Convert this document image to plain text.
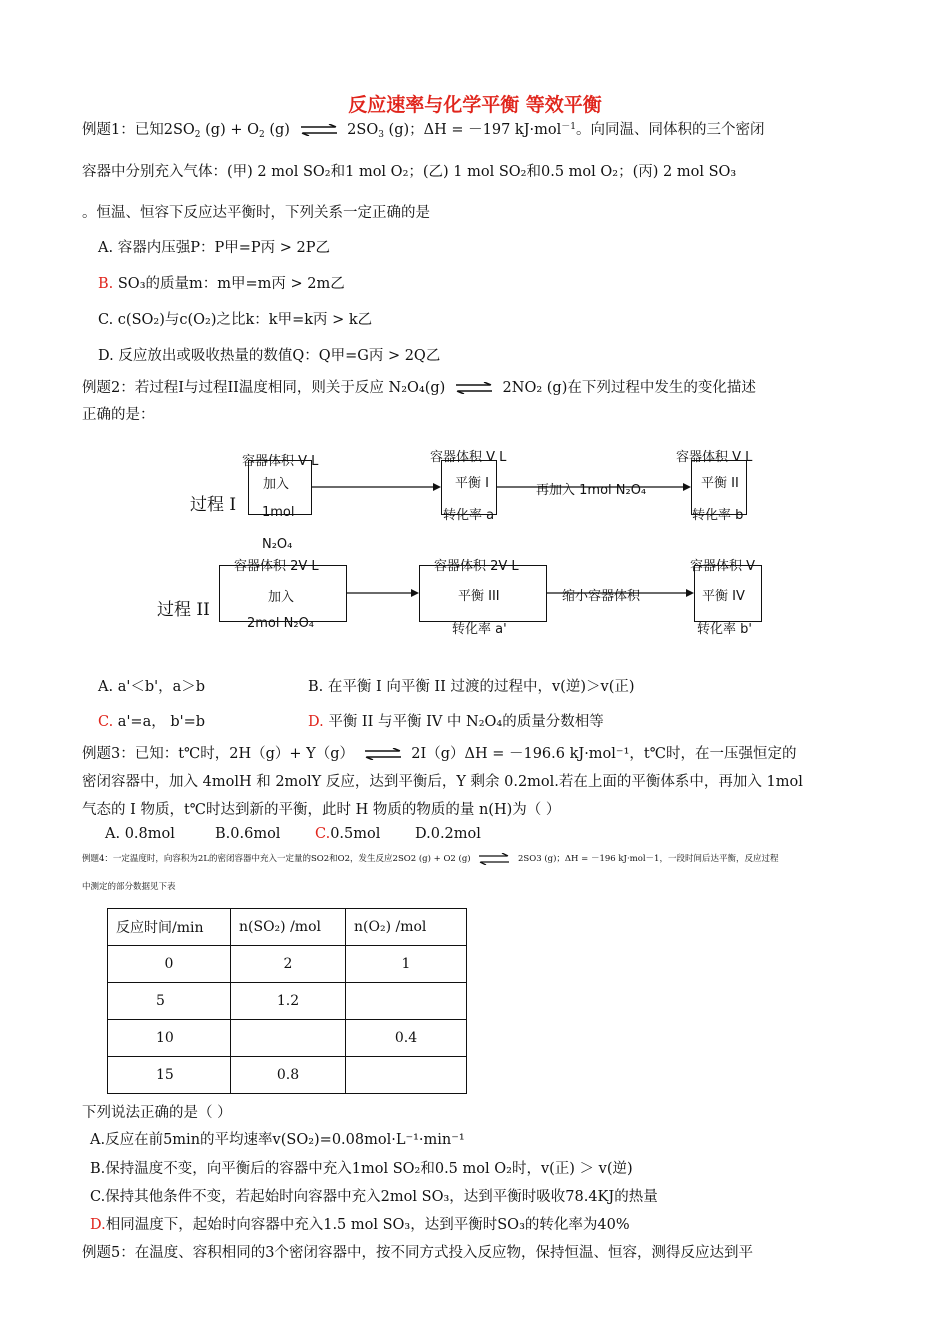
反应速率与化学平衡 等效平衡
例题1：已知$2SO_2$ $(g) + O_2$ (g) ⇌ $2SO_3$ (g)；ΔH = －197 kJ·mol$^{-1}$。向同温、同体积的三个密闭
容器中分别充入气体：(甲) 2 mol SO₂和1 mol O₂；(乙) 1 mol SO₂和0.5 mol O₂；(丙) 2 mol SO₃
。恒温、恒容下反应达平衡时，下列关系一定正确的是
A. 容器内压强P：P甲=P丙 > 2P乙
B. SO₃的质量m：m甲=m丙 > 2m乙
C. c(SO₂)与c(O₂)之比k：k甲=k丙 > k乙
D. 反应放出或吸收热量的数值Q：Q甲=G丙 > 2Q乙
例题2：若过程I与过程II温度相同，则关于反应 N₂O₄(g) ⇌ 2NO₂ (g)在下列过程中发生的变化描述
正确的是：
过程 I
过程 II
容器体积 V L
加入
1mol
N₂O₄
容器体积 V L
平衡 I
转化率 a
容器体积 V L
平衡 II
转化率 b
再加入 1mol N₂O₄
容器体积 2V L
加入
2mol N₂O₄
容器体积 2V L
平衡 III
转化率 a'
容器体积 V
平衡 IV
转化率 b'
缩小容器体积
A. a'＜b'，a＞b	B. 在平衡 I 向平衡 II 过渡的过程中，v(逆)＞v(正)
C. a'=a， b'=b	D. 平衡 II 与平衡 IV 中 N₂O₄的质量分数相等
例题3：已知：t℃时，2H（g）+ Y（g） ⇌ 2I（g）ΔH = －196.6 kJ·mol⁻¹，t℃时，在一压强恒定的
密闭容器中，加入 4molH 和 2molY 反应，达到平衡后，Y 剩余 0.2mol.若在上面的平衡体系中，再加入 1mol
气态的 I 物质，t℃时达到新的平衡，此时 H 物质的物质的量 n(H)为（ ）
A. 0.8mol	B.0.6mol C.0.5mol D.0.2mol
例题4：一定温度时，向容积为2L的密闭容器中充入一定量的SO2和O2，发生反应2SO2 (g) + O2 (g) ⇌ 2SO3 (g)；ΔH = －196 kJ·mol－1，一段时间后达平衡，反应过程
中测定的部分数据见下表
反应时间/min	n(SO₂) /mol	n(O₂) /mol
0	2	1
5	1.2	
10		0.4
15	0.8	
下列说法正确的是（ ）
A.反应在前5min的平均速率v(SO₂)=0.08mol·L⁻¹·min⁻¹
B.保持温度不变，向平衡后的容器中充入1mol SO₂和0.5 mol O₂时，v(正) ＞ v(逆)
C.保持其他条件不变，若起始时向容器中充入2mol SO₃，达到平衡时吸收78.4KJ的热量
D.相同温度下，起始时向容器中充入1.5 mol SO₃，达到平衡时SO₃的转化率为40%
例题5：在温度、容积相同的3个密闭容器中，按不同方式投入反应物，保持恒温、恒容，测得反应达到平
